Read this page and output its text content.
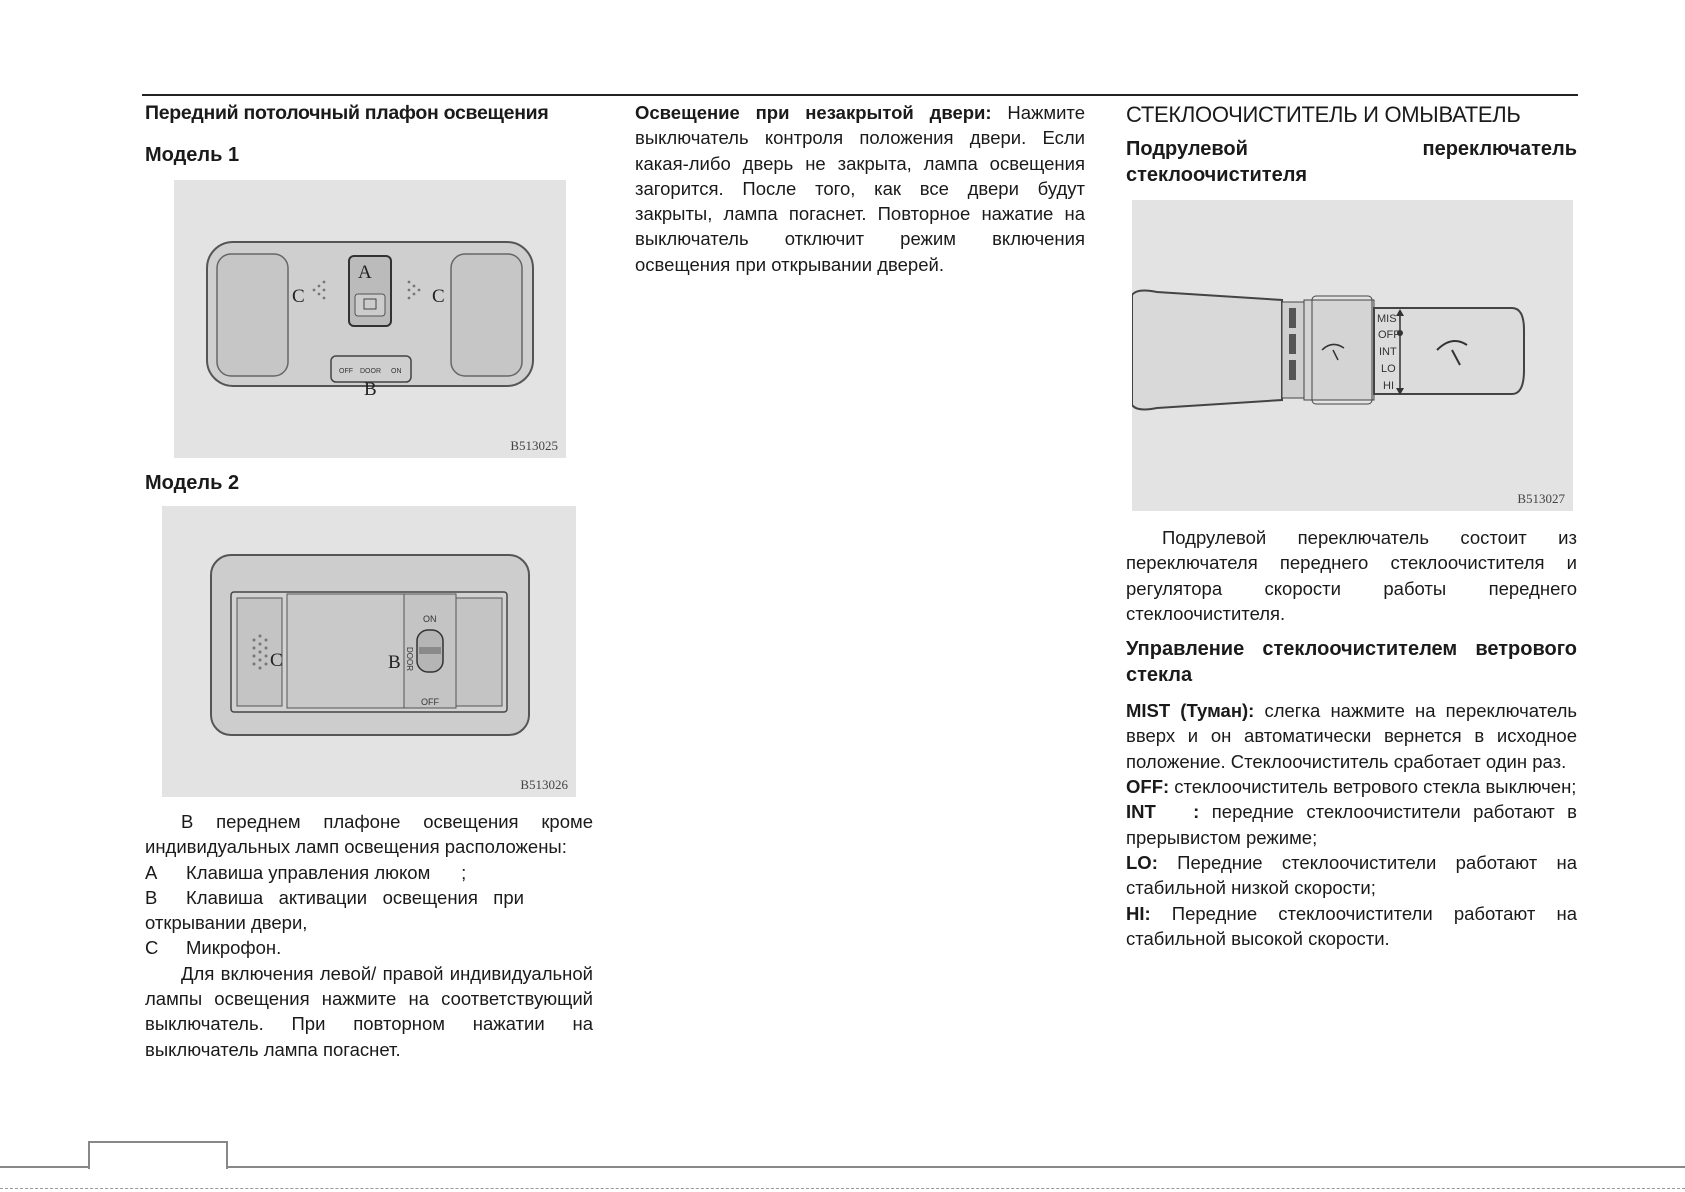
Передний потолочный плафон освещения
Модель 1
A
C	C
B
OFF DOOR ON
B513025
Модель 2
C	B
ON
DOOR
OFF
B513026

В переднем плафоне освещения кроме индивидуальных ламп освещения расположены:

A	Клавиша управления люком      ;
B	Клавиша   активации   освещения   при
открывании двери,
C	Микрофон.

Для включения левой/ правой индивидуальной лампы освещения нажмите на соответствующий выключатель. При повторном нажатии на выключатель лампа погаснет.

Освещение при незакрытой двери: Нажмите выключатель контроля положения двери. Если какая-либо дверь не закрыта, лампа освещения загорится. После того, как все двери будут закрыты, лампа погаснет. Повторное нажатие на выключатель отключит режим включения освещения при открывании дверей.

СТЕКЛООЧИСТИТЕЛЬ И ОМЫВАТЕЛЬ
Подрулевой переключатель стеклоочистителя
MIST
OFF
INT
LO
HI
B513027

Подрулевой переключатель состоит из переключателя переднего стеклоочистителя и регулятора скорости работы переднего стеклоочистителя.

Управление стеклоочистителем ветрового стекла

MIST (Туман): слегка нажмите на переключатель вверх и он автоматически вернется в исходное положение. Стеклоочиститель сработает один раз.

OFF: стеклоочиститель ветрового стекла выключен;

INT   : передние стеклоочистители работают в прерывистом режиме;

LO: Передние стеклоочистители работают на стабильной низкой скорости;

HI: Передние стеклоочистители работают на стабильной высокой скорости.
